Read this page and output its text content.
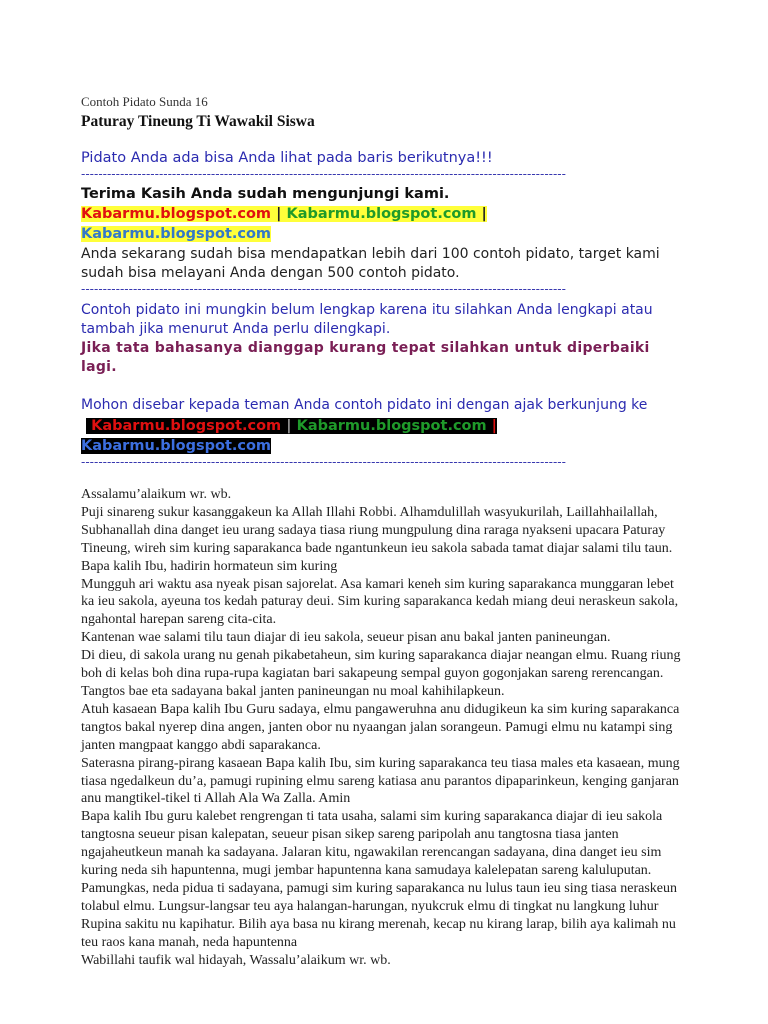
Contoh Pidato Sunda 16
Paturay Tineung Ti Wawakil Siswa
Pidato Anda ada bisa Anda lihat pada baris berikutnya!!!
----------------------------------------------------------------------------------------------------------------
Terima Kasih Anda sudah mengunjungi kami.
Kabarmu.blogspot.com | Kabarmu.blogspot.com |
Kabarmu.blogspot.com
Anda sekarang sudah bisa mendapatkan lebih dari 100 contoh pidato, target kami sudah bisa melayani Anda dengan 500 contoh pidato.
----------------------------------------------------------------------------------------------------------------
Contoh pidato ini mungkin belum lengkap karena itu silahkan Anda lengkapi atau tambah jika menurut Anda perlu dilengkapi.
Jika tata bahasanya dianggap kurang tepat silahkan untuk diperbaiki lagi.
Mohon disebar kepada teman Anda contoh pidato ini dengan ajak berkunjung ke
Kabarmu.blogspot.com | Kabarmu.blogspot.com |
Kabarmu.blogspot.com
----------------------------------------------------------------------------------------------------------------

Assalamu’alaikum wr. wb.

Puji sinareng sukur kasanggakeun ka Allah Illahi Robbi. Alhamdulillah wasyukurilah, Laillahhailallah, Subhanallah dina danget ieu urang sadaya tiasa riung mungpulung dina raraga nyakseni upacara Paturay Tineung, wireh sim kuring saparakanca bade ngantunkeun ieu sakola sabada tamat diajar salami tilu taun.

Bapa kalih Ibu, hadirin hormateun sim kuring

Mungguh ari waktu asa nyeak pisan sajorelat. Asa kamari keneh sim kuring saparakanca munggaran lebet ka ieu sakola, ayeuna tos kedah paturay deui. Sim kuring saparakanca kedah miang deui neraskeun sakola, ngahontal harepan sareng cita-cita.

Kantenan wae salami tilu taun diajar di ieu sakola, seueur pisan anu bakal janten panineungan.

Di dieu, di sakola urang nu genah pikabetaheun, sim kuring saparakanca diajar neangan elmu. Ruang riung boh di kelas boh dina rupa-rupa kagiatan bari sakapeung sempal guyon gogonjakan sareng rerencangan. Tangtos bae eta sadayana bakal janten panineungan nu moal kahihilapkeun.

Atuh kasaean Bapa kalih Ibu Guru sadaya, elmu pangaweruhna anu didugikeun ka sim kuring saparakanca tangtos bakal nyerep dina angen, janten obor nu nyaangan jalan sorangeun. Pamugi elmu nu katampi sing janten mangpaat kanggo abdi saparakanca.

Saterasna pirang-pirang kasaean Bapa kalih Ibu, sim kuring saparakanca teu tiasa males eta kasaean, mung tiasa ngedalkeun du’a, pamugi rupining elmu sareng katiasa anu parantos dipaparinkeun, kenging ganjaran anu mangtikel-tikel ti Allah Ala Wa Zalla. Amin

Bapa kalih Ibu guru kalebet rengrengan ti tata usaha, salami sim kuring saparakanca diajar di ieu sakola tangtosna seueur pisan kalepatan, seueur pisan sikep sareng paripolah anu tangtosna tiasa janten ngajaheutkeun manah ka sadayana. Jalaran kitu, ngawakilan rerencangan sadayana, dina danget ieu sim kuring neda sih hapuntenna, mugi jembar hapuntenna kana samudaya kalelepatan sareng kaluluputan.

Pamungkas, neda pidua ti sadayana, pamugi sim kuring saparakanca nu lulus taun ieu sing tiasa neraskeun tolabul elmu. Lungsur-langsar teu aya halangan-harungan, nyukcruk elmu di tingkat nu langkung luhur

Rupina sakitu nu kapihatur. Bilih aya basa nu kirang merenah, kecap nu kirang larap, bilih aya kalimah nu teu raos kana manah, neda hapuntenna

Wabillahi taufik wal hidayah, Wassalu’alaikum wr. wb.
